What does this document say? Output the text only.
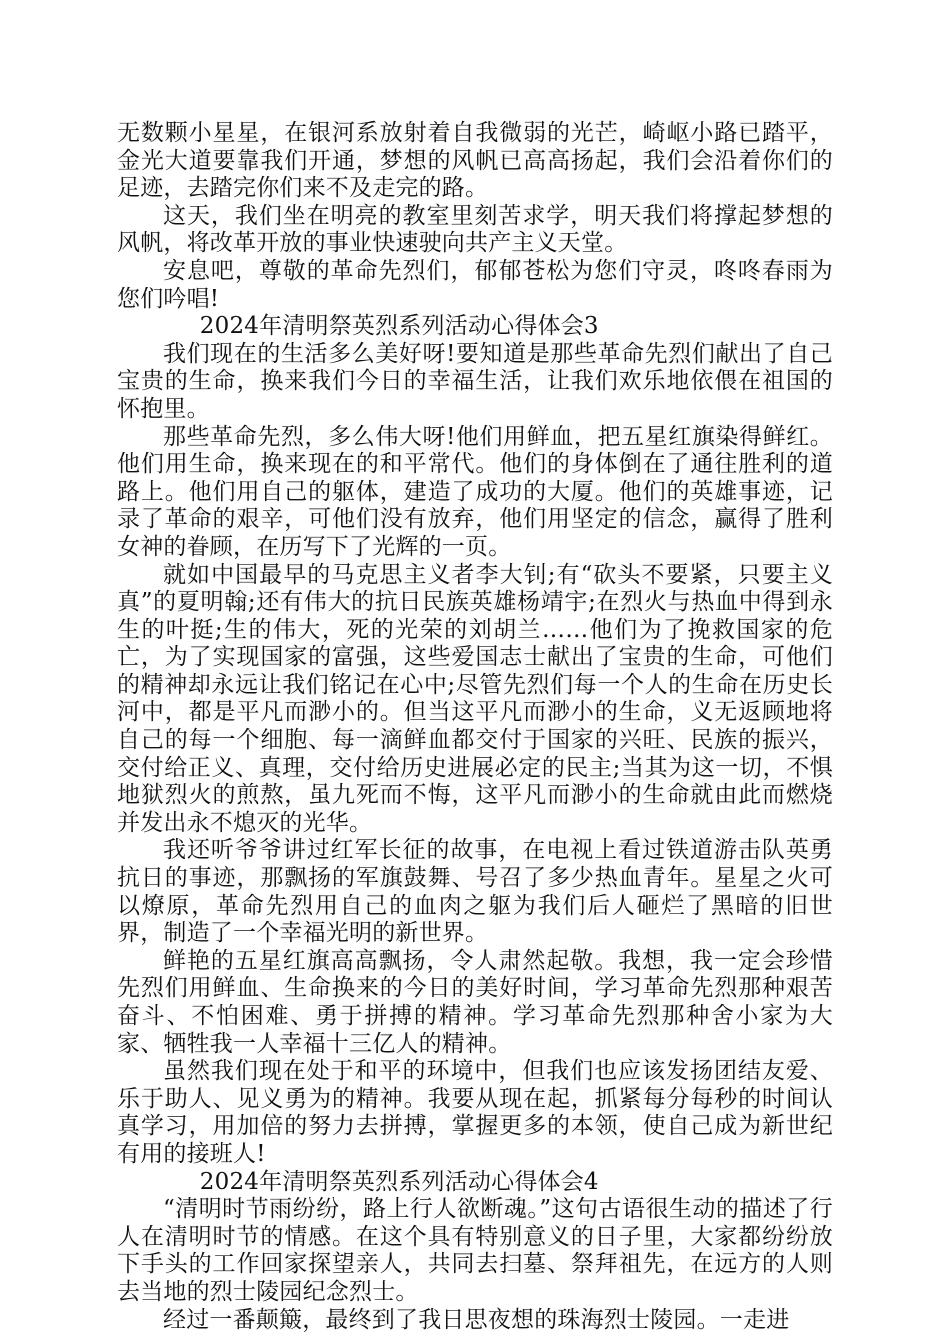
无数颗小星星，在银河系放射着自我微弱的光芒，崎岖小路已踏平，金光大道要靠我们开通，梦想的风帆已高高扬起，我们会沿着你们的足迹，去踏完你们来不及走完的路。

这天，我们坐在明亮的教室里刻苦求学，明天我们将撑起梦想的风帆，将改革开放的事业快速驶向共产主义天堂。

安息吧，尊敬的革命先烈们，郁郁苍松为您们守灵，咚咚春雨为您们吟唱!

2024年清明祭英烈系列活动心得体会3

我们现在的生活多么美好呀!要知道是那些革命先烈们献出了自己宝贵的生命，换来我们今日的幸福生活，让我们欢乐地依偎在祖国的怀抱里。

那些革命先烈，多么伟大呀!他们用鲜血，把五星红旗染得鲜红。他们用生命，换来现在的和平常代。他们的身体倒在了通往胜利的道路上。他们用自己的躯体，建造了成功的大厦。他们的英雄事迹，记录了革命的艰辛，可他们没有放弃，他们用坚定的信念，赢得了胜利女神的眷顾，在历写下了光辉的一页。

就如中国最早的马克思主义者李大钊;有“砍头不要紧，只要主义真”的夏明翰;还有伟大的抗日民族英雄杨靖宇;在烈火与热血中得到永生的叶挺;生的伟大，死的光荣的刘胡兰……他们为了挽救国家的危亡，为了实现国家的富强，这些爱国志士献出了宝贵的生命，可他们的精神却永远让我们铭记在心中;尽管先烈们每一个人的生命在历史长河中，都是平凡而渺小的。但当这平凡而渺小的生命，义无返顾地将自己的每一个细胞、每一滴鲜血都交付于国家的兴旺、民族的振兴，交付给正义、真理，交付给历史进展必定的民主;当其为这一切，不惧地狱烈火的煎熬，虽九死而不悔，这平凡而渺小的生命就由此而燃烧并发出永不熄灭的光华。

我还听爷爷讲过红军长征的故事，在电视上看过铁道游击队英勇抗日的事迹，那飘扬的军旗鼓舞、号召了多少热血青年。星星之火可以燎原，革命先烈用自己的血肉之躯为我们后人砸烂了黑暗的旧世界，制造了一个幸福光明的新世界。

鲜艳的五星红旗高高飘扬，令人肃然起敬。我想，我一定会珍惜先烈们用鲜血、生命换来的今日的美好时间，学习革命先烈那种艰苦奋斗、不怕困难、勇于拼搏的精神。学习革命先烈那种舍小家为大家、牺牲我一人幸福十三亿人的精神。

虽然我们现在处于和平的环境中，但我们也应该发扬团结友爱、乐于助人、见义勇为的精神。我要从现在起，抓紧每分每秒的时间认真学习，用加倍的努力去拼搏，掌握更多的本领，使自己成为新世纪有用的接班人!

2024年清明祭英烈系列活动心得体会4

“清明时节雨纷纷，路上行人欲断魂。”这句古语很生动的描述了行人在清明时节的情感。在这个具有特别意义的日子里，大家都纷纷放下手头的工作回家探望亲人，共同去扫墓、祭拜祖先，在远方的人则去当地的烈士陵园纪念烈士。

经过一番颠簸，最终到了我日思夜想的珠海烈士陵园。一走进
